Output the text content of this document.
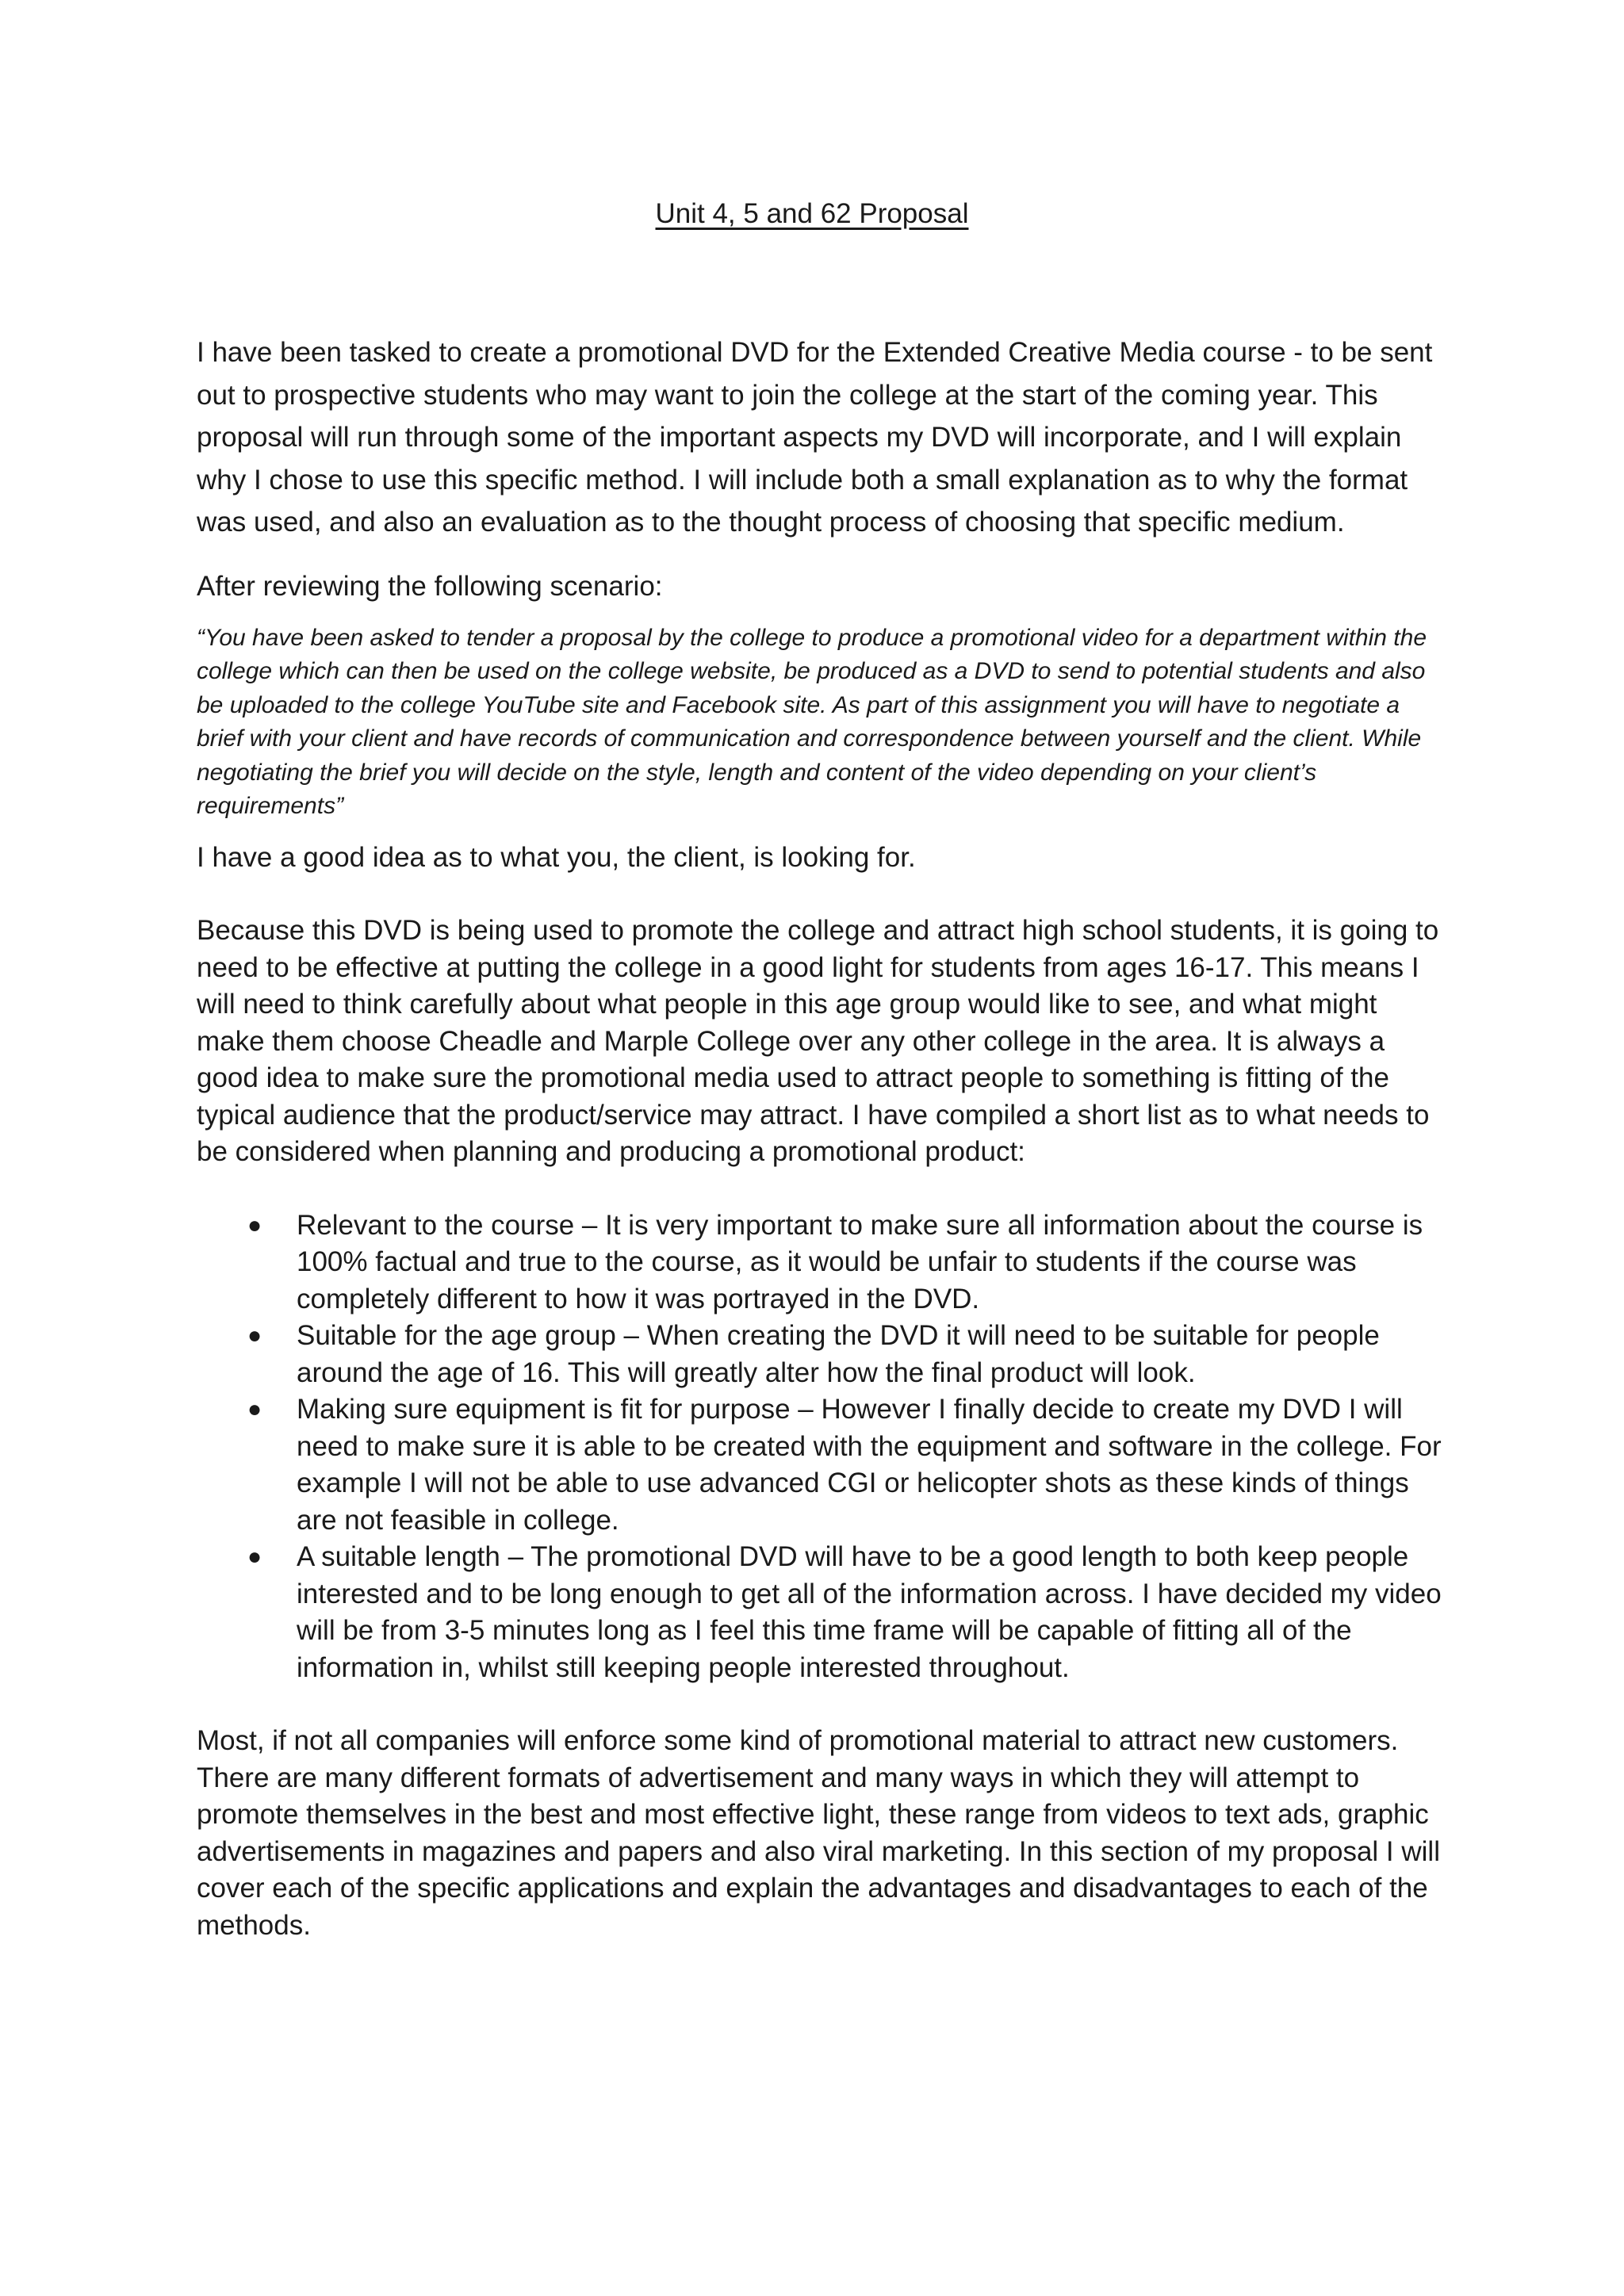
Unit 4, 5 and 62 Proposal

I have been tasked to create a promotional DVD for the Extended Creative Media course - to be sent out to prospective students who may want to join the college at the start of the coming year. This proposal will run through some of the important aspects my DVD will incorporate, and I will explain why I chose to use this specific method. I will include both a small explanation as to why the format was used, and also an evaluation as to the thought process of choosing that specific medium.

After reviewing the following scenario:

“You have been asked to tender a proposal by the college to produce a promotional video for a department within the college which can then be used on the college website, be produced as a DVD to send to potential students and also be uploaded to the college YouTube site and Facebook site. As part of this assignment you will have to negotiate a brief with your client and have records of communication and correspondence between yourself and the client. While negotiating the brief you will decide on the style, length and content of the video depending on your client’s requirements”

I have a good idea as to what you, the client, is looking for.

Because this DVD is being used to promote the college and attract high school students, it is going to need to be effective at putting the college in a good light for students from ages 16-17. This means I will need to think carefully about what people in this age group would like to see, and what might make them choose Cheadle and Marple College over any other college in the area. It is always a good idea to make sure the promotional media used to attract people to something is fitting of the typical audience that the product/service may attract. I have compiled a short list as to what needs to be considered when planning and producing a promotional product:

● Relevant to the course – It is very important to make sure all information about the course is 100% factual and true to the course, as it would be unfair to students if the course was completely different to how it was portrayed in the DVD.
● Suitable for the age group – When creating the DVD it will need to be suitable for people around the age of 16. This will greatly alter how the final product will look.
● Making sure equipment is fit for purpose – However I finally decide to create my DVD I will need to make sure it is able to be created with the equipment and software in the college. For example I will not be able to use advanced CGI or helicopter shots as these kinds of things are not feasible in college.
● A suitable length – The promotional DVD will have to be a good length to both keep people interested and to be long enough to get all of the information across. I have decided my video will be from 3-5 minutes long as I feel this time frame will be capable of fitting all of the information in, whilst still keeping people interested throughout.

Most, if not all companies will enforce some kind of promotional material to attract new customers. There are many different formats of advertisement and many ways in which they will attempt to promote themselves in the best and most effective light, these range from videos to text ads, graphic advertisements in magazines and papers and also viral marketing. In this section of my proposal I will cover each of the specific applications and explain the advantages and disadvantages to each of the methods.
